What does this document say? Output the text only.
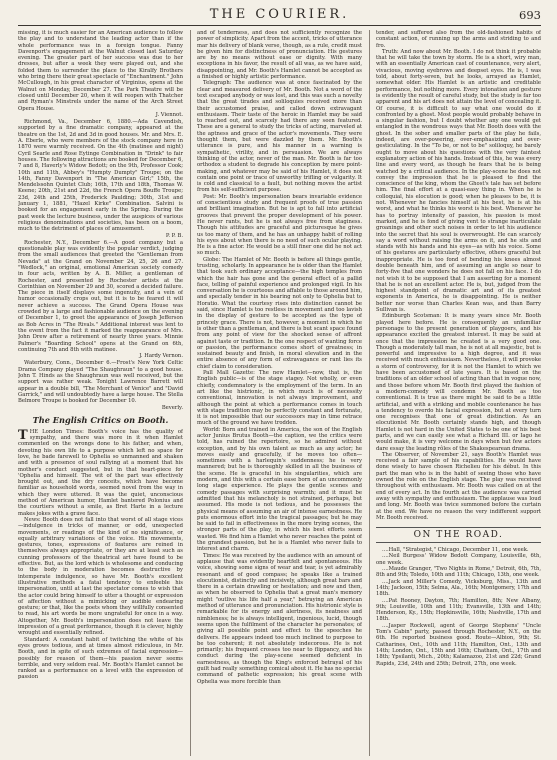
THE COURIER.	693

missing, it is much easier for an American audience to follow the play and to understand the leading actor than if the whole performance was in a foreign tongue. Fanny Davenport's engagement at the Walnut closed last Saturday evening. The greater part of her success was due to her dresses, but after a week they were played out, and she folded them to surrender the place to the Kiralfy Brothers who bring there their great spectacle of "Enchantment." John McCullough, in his great character of Virginius, opens at the Walnut on Monday, December 27. The Park Theatre will be closed until December 20, when it will reopen with Thatcher and Ryman's Minstrels under the name of the Arch Street Opera House.

J. Viennot.

Richmond, Va., December 6, 1880.—Ada Cavendish, supported by a fine dramatic company, appeared at the theatre on the 1st, 2d and 3d in good houses. Mr. and Mrs. E. A. Eberle, who were members of the stock company here in 1870 were warmly received. On the 4th (matinee and night) Cyril Searle and Rose Eytinge Combination in "Drink" to fair houses. The following attractions are booked for December 6, 7 and 8, Haverly's Widow Bedott; on the 9th, Professor Cook; 10th and 11th, Abbey's "Humpty Dumpty" Troupe; on the 14th, Fanny Davenport in "The American Girl;" 15th, the Mendelssohn Quintet Club; 16th, 17th and 18th, Thomas W. Keene; 20th, 21st and 22d, the French Opera Bouffe Troupe; 23d, 24th and 25th, Frederick Paulding; 30th, 31st and January 1, 1881, "Hazel Kirke" Combination. Salvini is booked for an engagement early in the Spring. During the past week the lecture business, under the auspices of various religious denominations and societies, has been on a boom, much to the detriment of places of amusement.

P. P. B.

Rochester, N.Y., December 6.—A good company but a questionable play was evidently the popular verdict, judging from the small audiences that greeted the "Gentleman from Nevada" at the Grand on November 24, 25, 26 and 27. "Wedlock," an original, emotional American society comedy in four acts, written by A. B. Miller, a gentleman of Rochester, and presented by Rochester artists at the Corinthian on November 29 and 30, scored a decided failure. The piece in itself displays some ingenuity, and a vein of humor occasionally crops out, but it is to be feared it will never achieve a success. The Grand Opera House was crowded by a large and fashionable audience on the evening of December 1, to greet the appearance of Joseph Jefferson as Bob Acres in "The Rivals." Additional interest was lent to the event from the fact it marked the reappearance of Mrs. John Drew after a retirement of nearly three years. Minnie Palmer's "Boarding School" opens at the Grand on 6th, continuing 7th and 8th with matinee.

J. Hardy Vernon.

Waterbury, Conn., December 6.—Frost's New York Celtic Drama Company played "The Shaughraun" to a good house. John T. Hinds as the Shaughraun was well received, but the support was rather weak. Tonight Lawrence Barrett will appear in a double bill, "The Merchant of Venice" and "David Garrick," and will undoubtedly have a large house. The Stella Belmore Troupe is booked for December 10.

Beverly.

The English Critics on Booth.

THE London Times: Booth's voice has the quality of sympathy, and there was more in it when Hamlet commented on the wrongs done to his father, and when, devoting his own life to a purpose which left no space for love, he bade farewell to Ophelia so unmanned and shaken and with a presence of soul rallying at a moment that his mother's conduct suggested, but in that heart-piece for 'Ophelia and himself. The wit of the part was effectively brought out, and the dry conceits, which have become familiar as household words, seemed novel from the way in which they were uttered. It was the quiet, unconscious method of American humor, Hamlet bantered Polonius and the courtiers without a smile, as Bret Harte in a lecture makes jokes with a grave face.

News: Booth does not fall into that worst of all stage vices—indulgence in tricks of manner, or odd, unexpected movements, or readings of the kind of no significance, or equally arbitrary variations of the voice. His movements, gestures, tones, expressions of features are reined in themselves always appropriate, or they are at least such as cunning professors of the theatrical art have found to be effective. But, as the lord which is wholesome and conducing to the body in moderation becomes destructive by intemperate indulgence, so have Mr. Booth's excellent illustrative methods a fatal tendency to enfeeble his impersonation, until at last the spectator comes to wish that the actor could bring himself to utter a thought or expression of affection without a mimicking or audible endearing gesture; or that, like the poets whom they willfully consented to read, his art words be more ungrateful for once in a way. Altogether, Mr. Booth's impersonation does not leave the impression of a great performance, though it is clever, highly wrought and essentially refined.

Standard: A constant habit of twitching the white of his eyes grows tedious, and at times almost ridiculous, in Mr. Booth, and in spite of such extremes of facial expression—possibly for reason of them—his passion never seems terrible, and very seldom real. Mr. Booth's Hamlet cannot be ranked as a performance on a level with the expression of passion

and of tenderness, and does not sufficiently recognize the power of simplicity. Apart from the accent, tricks of utterance mar his delivery of blank verse, though, as a rule, credit must be given him for distinctness of pronunciation. His gestures are by no means without ease or dignity. With many exceptions in his favor, the result of all was, as we have said, disappointing, and Mr. Booth's Hamlet cannot be accepted as a finished or highly artistic performance.

Telegraph: The audience was at once fascinated by the clear and measured delivery of Mr. Booth. Not a word of the text escaped anybody or was lost, and this was such a novelty that the great tirades and soliloquies received more than their accustomed praise, and called down extravagant enthusiasm. Their taste of the heroic in Hamlet may be said to reached out, and scarcely had there any seen featured. These are a general to study the tricks of acting, marveled at the aptness and grace of the actor's movements. They were thought them, but were dazzled by them. Mr. Booth's utterance is pure, and his manner in a warning is sympathetic, virility, and in persuasion. We are always thinking of the actor, never of the man. Mr. Booth is far too orthodox a student to degrade his conception by mere point-making, and whatever may be said of his Hamlet, it does not contain one point or trace of unworthy trifling or vulgarity. It is cold and classical to a fault, but nothing moves the artist from his self-sufficient purpose.

Post: Mr. Booth's impersonation bears invariable evidence of conscientious study and frequent proofs of true passion and brilliant imagination. But he is apt to fall into artificial grooves that prevent the proper development of his power. He never rants, but he is not always free from staginess. Though his attitudes are graceful and picturesque he gives us too many of them, and he has an unhappy habit of rolling his eyes about when there is no need of such ocular playing. He is a fine actor. He would be a still finer one did he not act so much.

Globe: The Hamlet of Mr. Booth is before all things gentle, trusting, scholarly. In appearance he is older than the Hamlet that took such ordinary acceptance—the high temples from which the hair has gone and the general effect of a pallid face, telling of painful experience and prolonged vigil. In his conversation he is courteous and affable to those around him, and specially tender in his bearing not only to Ophelia but to Horatio. What the courtesy rises into distinction cannot be said, since Hamlet is too restless in movement and too lavish in the display of gesture to be accepted as the type of princely grace. There is not, however, a moment in which he is other than a gentleman, and there is but scant space found from any point of view for the shocked sense of affront against taste or tradition. In the one respect of wanting force or passion, the performance comes short of greatness; in sustained beauty and finish, in moral elevation and in the entire absence of any form of extravagance or rant lies its chief claim to consideration.

Pall Mall Gazette: The new Hamlet—now, that is, the English public—is of the stage stagey. Not wholly, or even chiefly, condemnatory is the employment of the term. In an art like the histrionic, in which much is of necessity conventional, innovation is not always improvement, and although the point at which a performance comes in touch with stage tradition may be perfectly constant and fortunate, it is not impossible that our successors may in time retrace much of the ground we have trodden.

World: Born and trained in America, the son of the English actor Junius Brutus Booth—the caption, we the critics were told, has ruined the repertoire, so he admired without exception, and by his own talent as much as any actor; he moves easily and gracefully, if he moves too often—sometimes with a harlequin's suddenness; he is very mannered; but he is thoroughly skilled in all the business of the scene. He is graceful in his singularities, which are modern, and this with a certain ease born of an uncommonly long stage experience. He plays the gentle scenes and comedy passages with surprising warmth; and it must be admitted that his melancholy is not strained, perhaps, but assumed. His mode is not tedious, and he possesses the physical means of assuming an air of intense earnestness. He puts enormous effort into the tragical passages; but he may be said to fail in effectiveness in the more trying scenes, the stronger parts of the play, in which his best efforts seem wasted. We find him a Hamlet who never reaches the point of the grandest passion, but he is a Hamlet who never fails to interest and charm.

Times: He was received by the audience with an amount of applause that was evidently heartfelt and spontaneous. His voice, showing some signs of wear and tear, is yet admirably resonant and of good compass; he speaks like a trained elocutionist, distinctly and incisively, although great bars and there in a certain drawling or hesitation; and now and then, as when he observed to Ophelia that a great man's memory might "outlive his life half a year," betraying an American method of utterance and pronunciation. His histrionic style is remarkable for its energy and alertness, its neatness and nimbleness; he is always intelligent, ingenious, lucid, though seems upon the fulfilment of the character he personates; of giving all possible point and effect to the speeches he delivers. He appears indeed too much inclined to purpose to be too coherent; it not absolutely indecorous. He is not primarily; his frequent crosses too near to flippancy, and his conduct during the play-scene seemed deficient in earnestness, as though the King's enforced betrayal of his guilt had really something comical about it. He has no special command of pathetic expression; his great scene with Ophelia was more forcible than

tender, and suffered also from the old-fashioned habits of constant action, of running up the arms and striding to and fro.

Truth: And now about Mr. Booth. I do not think it probable that he will take the town by storm. He is a short, wiry man, with an essentially American cast of countenance, very alert, vivacious, moving eyebrows and deepset eyes. He is, I was told, about forty-seven, but he looks, arrayed as Hamlet, somewhat older. His Hamlet is an artistic and creditable performance, but nothing more. Every intonation and gesture is evidently the result of careful study, but the study is far too apparent and his art does not attain the level of concealing it. Of course, it is difficult to say what one would do if confronted by a ghost. Most people would probably behave in a singular fashion, but I doubt whether any one would get entangled in the wondrous ways that Mr. Booth does with the ghost. In the sober and smaller parts of the play he fails, indeed, are over-powering, over-emphasizing and over-gesticulating. In the "To be, or not to be" soliloquy, he barely ought to move about his questions with the very faintest explanatory action of his hands. Instead of this, he was every line and every word, as though he fears that he is being watched by a critical audience. In the play-scene he does not convey the impression that he is pleased to find the conscience of the king, whom the Ghost's tale has set before him. The final effort at a quasi-easy thing in. When he is colloquial, his elocution is good; when he pleases to be, it is not. Whenever he fancies himself at his best, he is at his worst, and what he thinks his worst is his best. Whenever he has to portray intensity of passion, his passion is most marked, and he is fond of giving vent to strange inarticulate groanings and other such noises in order to let his audience into the secret that his soul is overwrought. He can scarcely say a word without raising the arms on it, and he sits and stands with his hands and his eyes—as with his voice. Some of his gestures are particularly effective, others graceful but inappropriate. He is too fond of bending his knees almost double beneath him, and of assuming an angle so near to forty-five that one wonders he does not fall on his face. I do not wish it to be supposed that I am asserting for a moment that he is not an excellent actor. He is, but, judged from the highest standpoint of dramatic art and of its greatest exponents in America, he is disappointing. He is neither better nor worse than Charles Kean was, and than Barry Sullivan is.

Edinburgh Scotsman: It is many years since Mr. Booth played here before. He is consequently an unfamiliar personage to the present generation of playgoers, and his appearance excited the greatest interest. It may be said at once that the impression he created is a very good one. Though a moderately tall man, he is not at all majestic, but is powerful and impressive to a high degree, and it was received with much enthusiasm. Nevertheless, it will provoke a storm of controversy, for it is not the Hamlet to which we have been accustomed of late years. It is based on the traditions of an older school of acting than that in vogue now, and those before whom Mr. Booth first played the fashion of a modern-comedy will condemn Mr. Booth as too conventional. It is true as there might be said to be a little artificial, and with a striking and mobile countenance he has a tendency to overdo his facial expression, but at every turn one recognises that one of great distinction. As an elocutionist Mr. Booth certainly stands high, and though Hamlet is not hard in the United States to be one of his best parts, and we can easily see what a Richard III. or Iago he would make, it is very welcome in days when but few actors dare essay the leading rôles of the Shakespearean drama.

The Observer, of November 21, says Booth's Hamlet was received a fair sample of his capabilities. He would have done wisely to have chosen Richelieu for his début. In this part the man who is in the habit of seeing those who have owned the role on the English stage. The play was received throughout with enthusiasm. Mr. Booth was called on at the end of every act. In the fourth act the audience was carried away with sympathy and enthusiasm. The applause was loud and long. Mr. Booth was twice summoned before the curtain at the end. We have no reason the very indifferent support Mr. Booth received.

ON THE ROAD.

....Hall, "Strategist," Chicago, December 11, one week.

....Neil Burgess' Widow Bedott Company, Louisville, 6th, one week.

....Maude Granger, "Two Nights in Rome," Detroit, 6th, 7th, 8th and 9th; Toledo, 10th and 11th; Chicago, 13th, one week.

....Jack and Miller's Comedy, Vicksburg, Miss., 13th and 14th; Jackson, 15th; Selma, Ala., 16th; Montgomery, 17th and 18th.

....Pat Rooney, Dayton, 7th; Hamilton, 8th; New Albany, 9th; Louisville, 10th and 11th; Evansville, 13th and 14th; Henderson, Ky., 15th; Hopkinsville, 16th; Nashville, 17th and 18th.

....Jasper Rockwell, agent of George Stephens' "Uncle Tom's Cabin" party, passed through Rochester, N.Y., on the 6th. He reported business good. Route—Albion, 9th; St. Catharines, Ont., 10th and 11th; Hamilton, Ont., 13th and 14th; London, Ont., 15th and 16th; Chatham, Ont., 17th and 18th; Ypsilanti, Mich., 20th; Kalamazoo, 21st and 22d; Grand Rapids, 23d, 24th and 25th; Detroit, 27th, one week.
